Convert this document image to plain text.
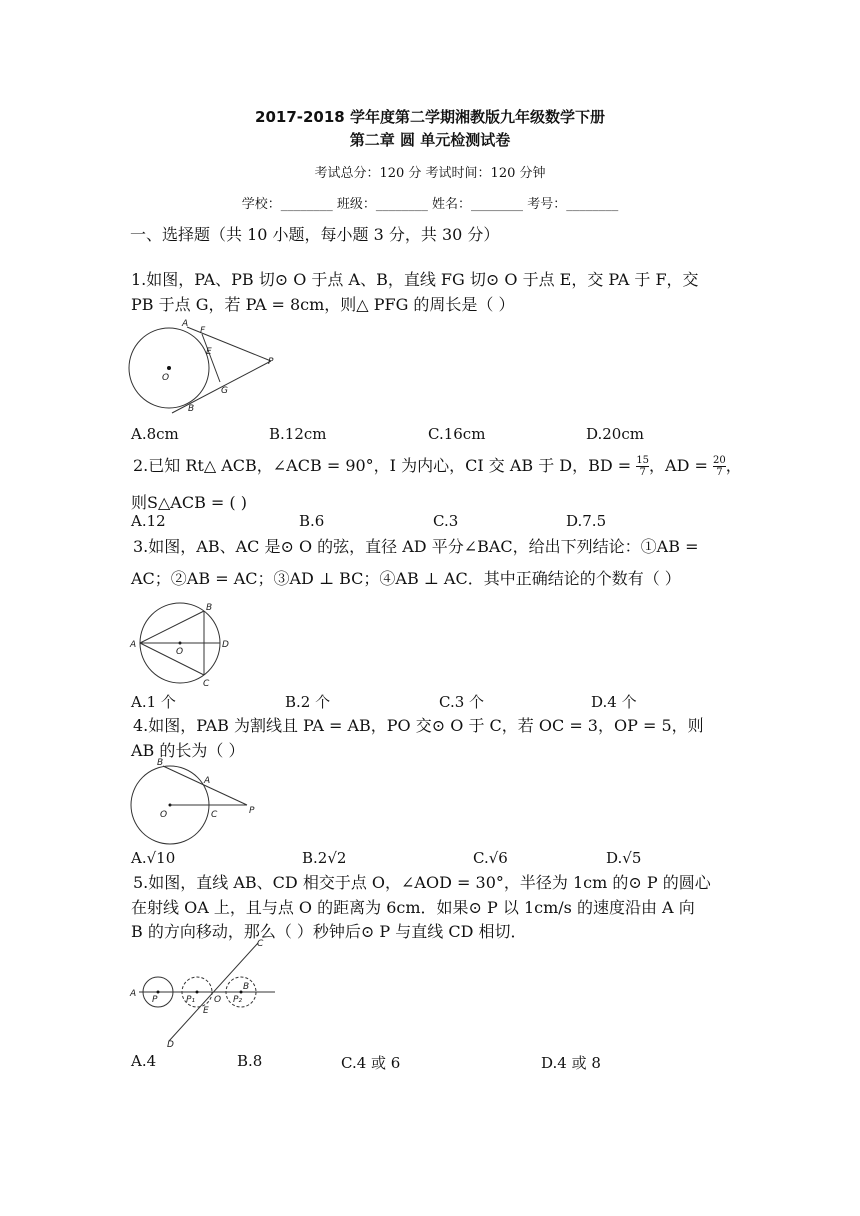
2017-2018 学年度第二学期湘教版九年级数学下册
第二章 圆 单元检测试卷
考试总分：120 分 考试时间：120 分钟
学校：________ 班级：________ 姓名：________ 考号：________
一、选择题（共 10 小题，每小题 3 分，共 30 分）
1.如图，PA、PB 切⊙ O 于点 A、B，直线 FG 切⊙ O 于点 E，交 PA 于 F，交
PB 于点 G，若 PA = 8cm，则△ PFG 的周长是（ ）
A
F
E
P
O
G
B
A.8cm	B.12cm	C.16cm	D.20cm
2.已知 Rt△ ACB，∠ACB = 90°，I 为内心，CI 交 AB 于 D，BD = $\frac{15}{7}$ ，AD = $\frac{20}{7}$ ，
则S△ACB = ( )
A.12	B.6	C.3	D.7.5
3.如图，AB、AC 是⊙ O 的弦，直径 AD 平分∠BAC，给出下列结论：①AB =
AC；②AB = AC；③AD ⊥ BC；④AB ⊥ AC．其中正确结论的个数有（ ）
B
A
O
D
C
A.1 个	B.2 个	C.3 个	D.4 个
4.如图，PAB 为割线且 PA = AB，PO 交⊙ O 于 C，若 OC = 3，OP = 5，则
AB 的长为（ ）
B
A
O	C	P
A.√10	B.2√2	C.√6	D.√5
5.如图，直线 AB、CD 相交于点 O，∠AOD = 30°，半径为 1cm 的⊙ P 的圆心
在射线 OA 上，且与点 O 的距离为 6cm．如果⊙ P 以 1cm/s 的速度沿由 A 向
B 的方向移动，那么（ ）秒钟后⊙ P 与直线 CD 相切．
C
A
P	P₁ O P₂
B
E
D
A.4	B.8	C.4 或 6	D.4 或 8
